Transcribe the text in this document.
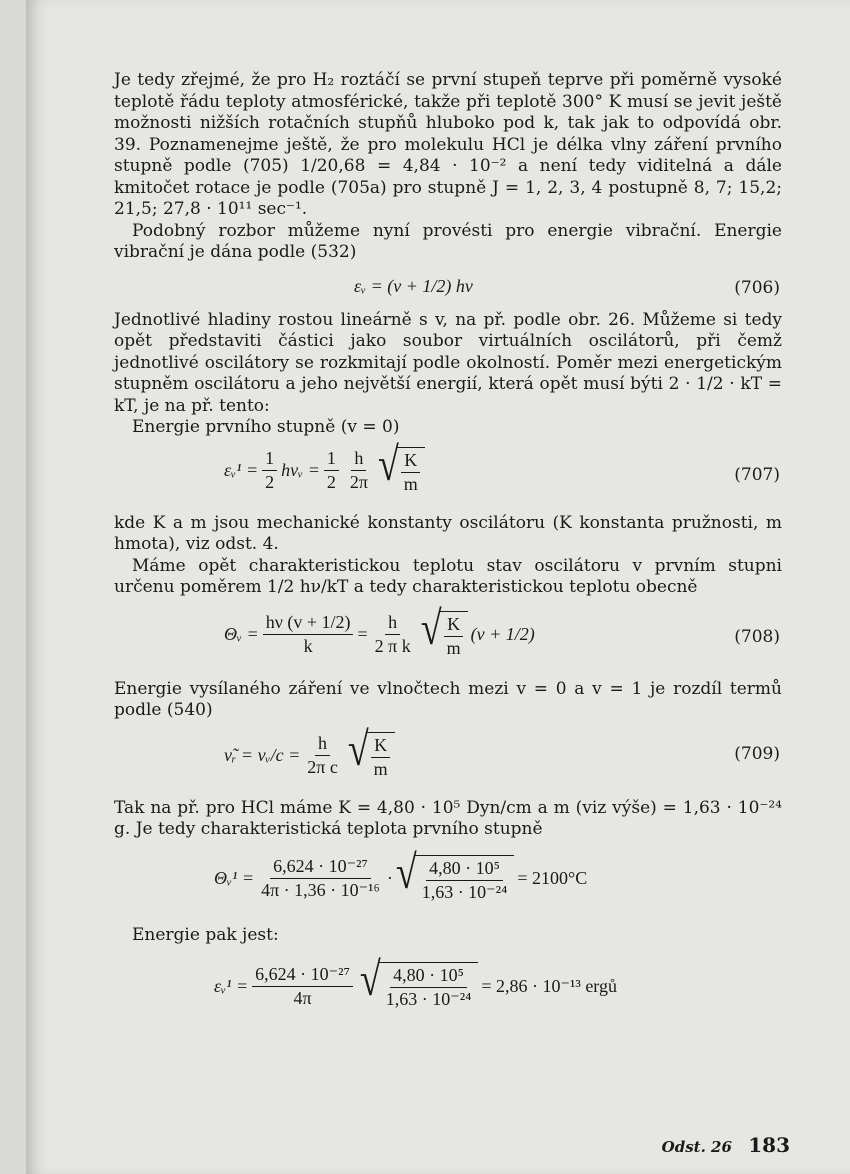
Je tedy zřejmé, že pro H₂ roztáčí se první stupeň teprve při poměrně vysoké teplotě řádu teploty atmosférické, takže při teplotě 300° K musí se jevit ještě možnosti nižších rotačních stupňů hluboko pod k, tak jak to odpovídá obr. 39. Poznamenejme ještě, že pro molekulu HCl je délka vlny záření prvního stupně podle (705) 1/20,68 = 4,84 · 10⁻² a není tedy viditelná a dále kmitočet rotace je podle (705a) pro stupně J = 1, 2, 3, 4 postupně 8, 7; 15,2; 21,5; 27,8 · 10¹¹ sec⁻¹.

Podobný rozbor můžeme nyní provésti pro energie vibrační. Energie vibrační je dána podle (532)

εᵥ = (v + 1/2) hν	(706)

Jednotlivé hladiny rostou lineárně s v, na př. podle obr. 26. Můžeme si tedy opět představiti částici jako soubor virtuálních oscilátorů, při čemž jednotlivé oscilátory se rozkmitají podle okolností. Poměr mezi energetickým stupněm oscilátoru a jeho největší energií, která opět musí býti 2 · 1/2 · kT = kT, je na př. tento:

Energie prvního stupně (v = 0)

εᵥ¹ = $\frac{1}{2}$ hνᵥ = $\frac{1}{2} \frac{h}{2\pi}$ √ $\frac{K}{m}$	(707)

kde K a m jsou mechanické konstanty oscilátoru (K konstanta pružnosti, m hmota), viz odst. 4.

Máme opět charakteristickou teplotu stav oscilátoru v prvním stupni určenu poměrem 1/2 hν/kT a tedy charakteristickou teplotu obecně

Θᵥ = $\frac{h\nu (v + 1/2)}{k} = \frac{h}{\text{2 π k}}$ √ $\frac{K}{m} (v + 1/2)$	(708)

Energie vysílaného záření ve vlnočtech mezi v = 0 a v = 1 je rozdíl termů podle (540)

ν̃ᵣ = νᵥ/c = $\frac{h}{\text{2π c}}$ √ $\frac{K}{m}$	(709)

Tak na př. pro HCl máme K = 4,80 · 10⁵ Dyn/cm a m (viz výše) = 1,63 · 10⁻²⁴ g. Je tedy charakteristická teplota prvního stupně

Θᵥ¹ = $\frac{\text{6,624 · 10⁻²⁷}}{\text{4π · 1,36 · 10⁻¹⁶}}$ · √ $\frac{\text{4,80 · 10⁵}}{\text{1,63 · 10⁻²⁴}} = 2100^\circ C$

Energie pak jest:

εᵥ¹ = $\frac{\text{6,624 · 10⁻²⁷}}{4\pi}$ √ $\frac{\text{4,80 · 10⁵}}{\text{1,63 · 10⁻²⁴}} = 2,86 \cdot 10^{-13}$ ergů
Odst. 26 183
